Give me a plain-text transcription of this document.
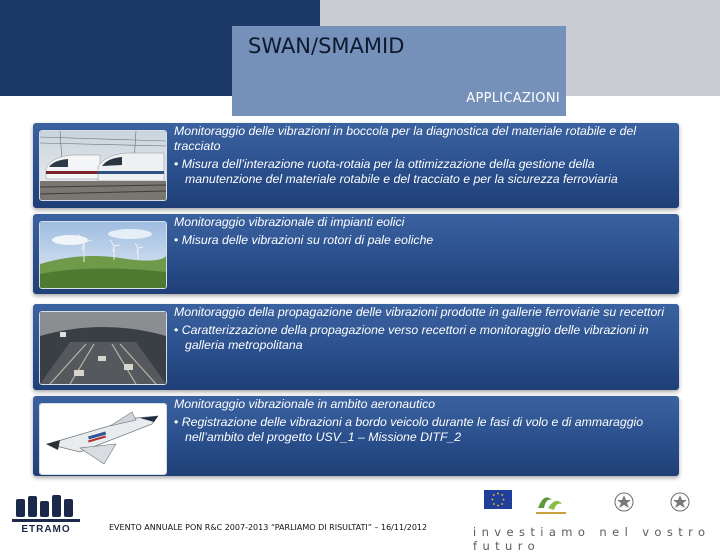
SWAN/SMAMID
APPLICAZIONI
Monitoraggio delle vibrazioni in boccola per la diagnostica del materiale rotabile e del tracciato
• Misura dell’interazione ruota-rotaia per la ottimizzazione della gestione della manutenzione del materiale rotabile e del tracciato e per la sicurezza ferroviaria
Monitoraggio vibrazionale di impianti eolici
• Misura delle vibrazioni su rotori di pale eoliche
Monitoraggio della propagazione delle vibrazioni prodotte in gallerie ferroviarie su recettori
• Caratterizzazione della propagazione verso recettori e monitoraggio delle vibrazioni in galleria metropolitana
Monitoraggio vibrazionale in ambito aeronautico
• Registrazione delle vibrazioni a bordo veicolo durante le fasi di volo e di ammaraggio nell’ambito del progetto USV_1 – Missione DITF_2
ETRAMO	EVENTO ANNUALE PON R&C 2007-2013 “PARLIAMO DI RISULTATI” – 16/11/2012	investiamo nel vostro futuro
